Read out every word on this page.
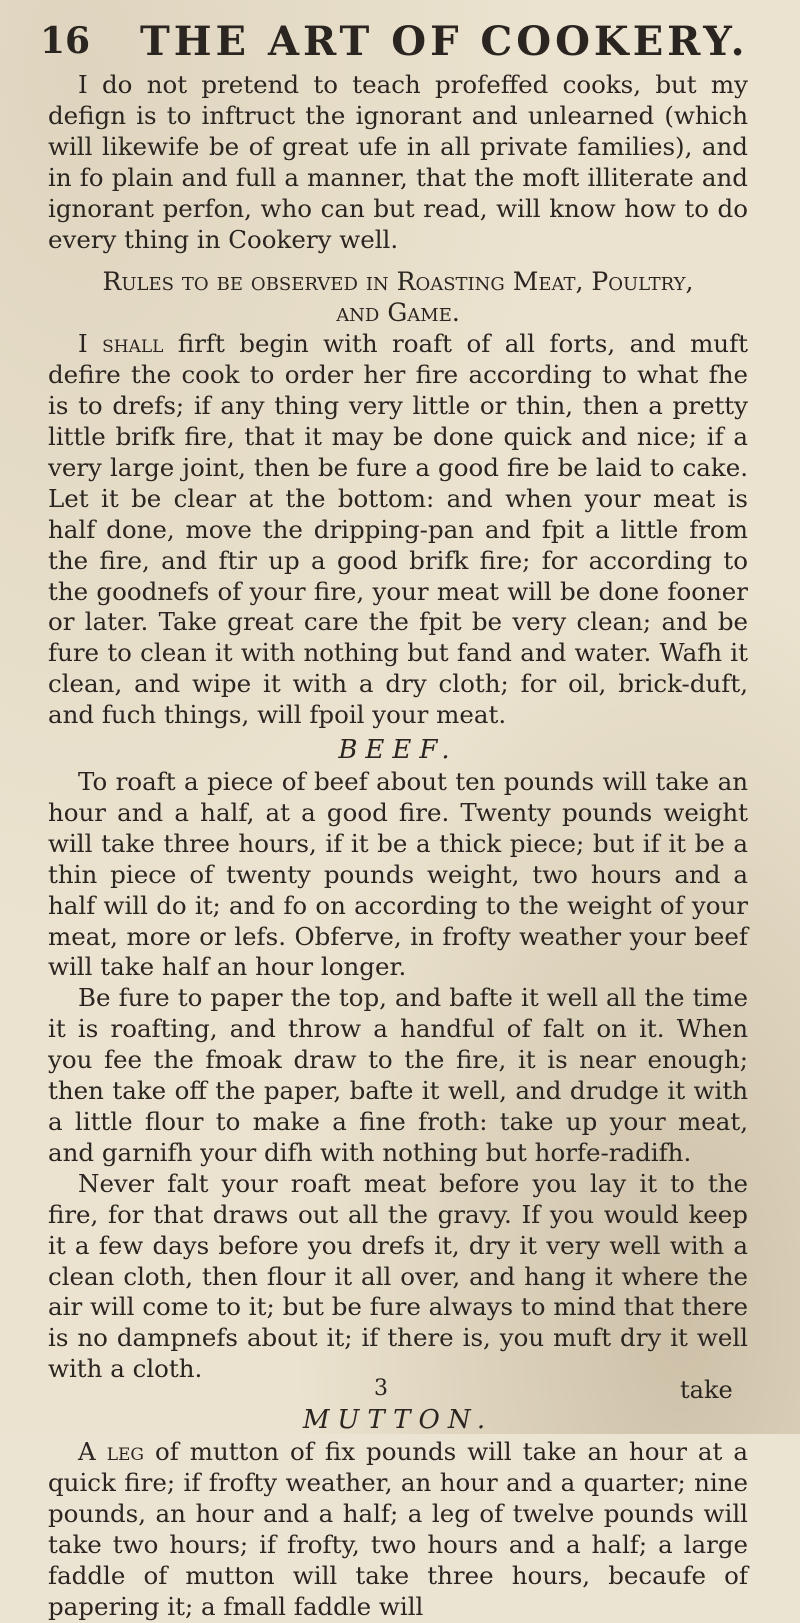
16 THE ART OF COOKERY.

I do not pretend to teach profeffed cooks, but my defign is to inftruct the ignorant and unlearned (which will likewife be of great ufe in all private families), and in fo plain and full a manner, that the moft illiterate and ignorant perfon, who can but read, will know how to do every thing in Cookery well.

Rules to be observed in Roasting Meat, Poultry,
and Game.

I shall firft begin with roaft of all forts, and muft defire the cook to order her fire according to what fhe is to drefs; if any thing very little or thin, then a pretty little brifk fire, that it may be done quick and nice; if a very large joint, then be fure a good fire be laid to cake. Let it be clear at the bottom: and when your meat is half done, move the dripping-pan and fpit a little from the fire, and ftir up a good brifk fire; for according to the goodnefs of your fire, your meat will be done fooner or later. Take great care the fpit be very clean; and be fure to clean it with nothing but fand and water. Wafh it clean, and wipe it with a dry cloth; for oil, brick-duft, and fuch things, will fpoil your meat.

BEEF.

To roaft a piece of beef about ten pounds will take an hour and a half, at a good fire. Twenty pounds weight will take three hours, if it be a thick piece; but if it be a thin piece of twenty pounds weight, two hours and a half will do it; and fo on according to the weight of your meat, more or lefs. Obferve, in frofty weather your beef will take half an hour longer.

Be fure to paper the top, and bafte it well all the time it is roafting, and throw a handful of falt on it. When you fee the fmoak draw to the fire, it is near enough; then take off the paper, bafte it well, and drudge it with a little flour to make a fine froth: take up your meat, and garnifh your difh with nothing but horfe-radifh.

Never falt your roaft meat before you lay it to the fire, for that draws out all the gravy. If you would keep it a few days before you drefs it, dry it very well with a clean cloth, then flour it all over, and hang it where the air will come to it; but be fure always to mind that there is no dampnefs about it; if there is, you muft dry it well with a cloth.

MUTTON.

A leg of mutton of fix pounds will take an hour at a quick fire; if frofty weather, an hour and a quarter; nine pounds, an hour and a half; a leg of twelve pounds will take two hours; if frofty, two hours and a half; a large faddle of mutton will take three hours, becaufe of papering it; a fmall faddle will

3	take
